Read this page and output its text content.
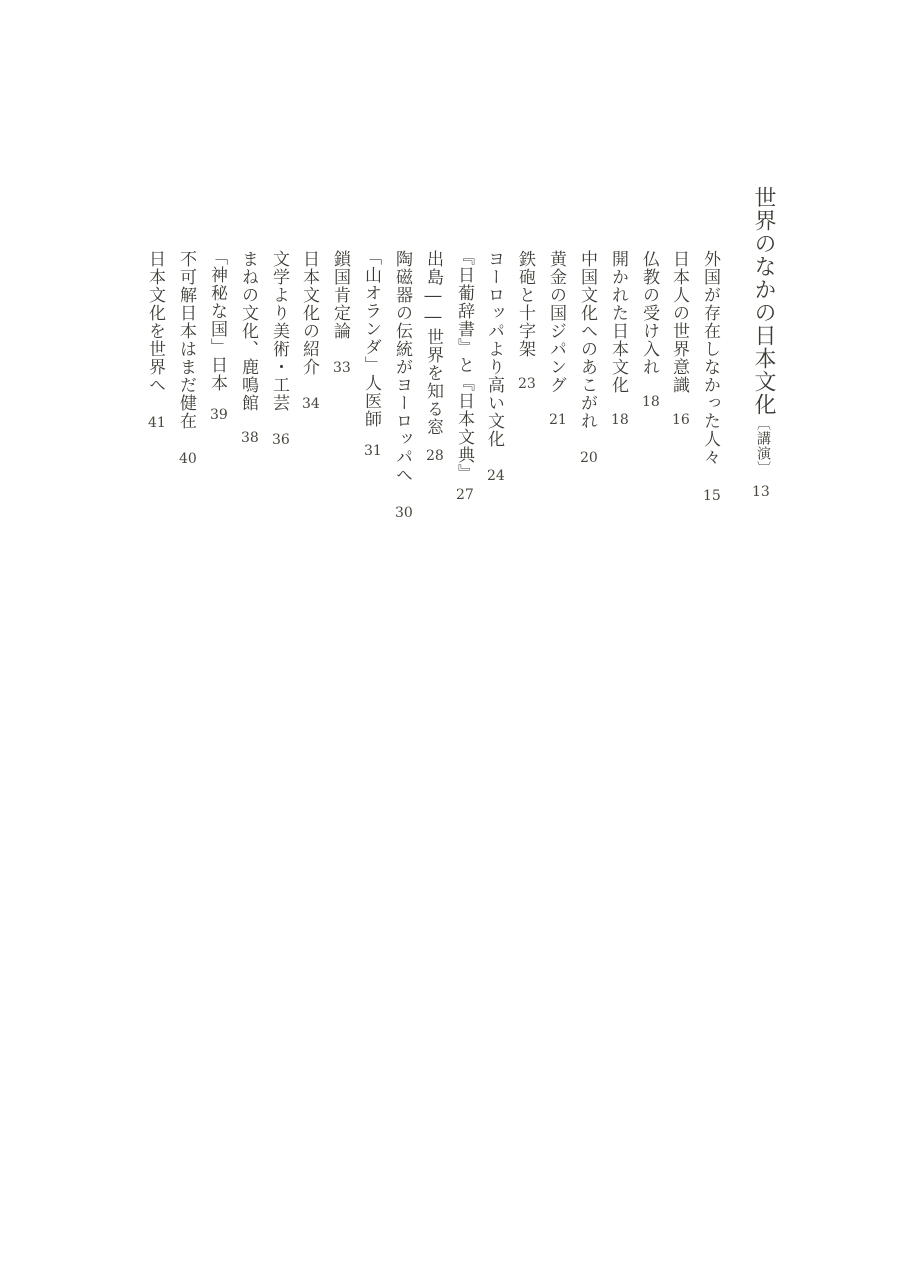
世界のなかの日本文化〔講演〕
13
外国が存在しなかった人々
15
日本人の世界意識
16
仏教の受け入れ
18
開かれた日本文化
18
中国文化へのあこがれ
20
黄金の国ジパング
21
鉄砲と十字架
23
ヨーロッパより高い文化
24
『日葡辞書』と『日本文典』
27
出島――世界を知る窓
28
陶磁器の伝統がヨーロッパへ
30
「山オランダ」人医師
31
鎖国肯定論
33
日本文化の紹介
34
文学より美術・工芸
36
まねの文化、鹿鳴館
38
「神秘な国」日本
39
不可解日本はまだ健在
40
日本文化を世界へ
41
